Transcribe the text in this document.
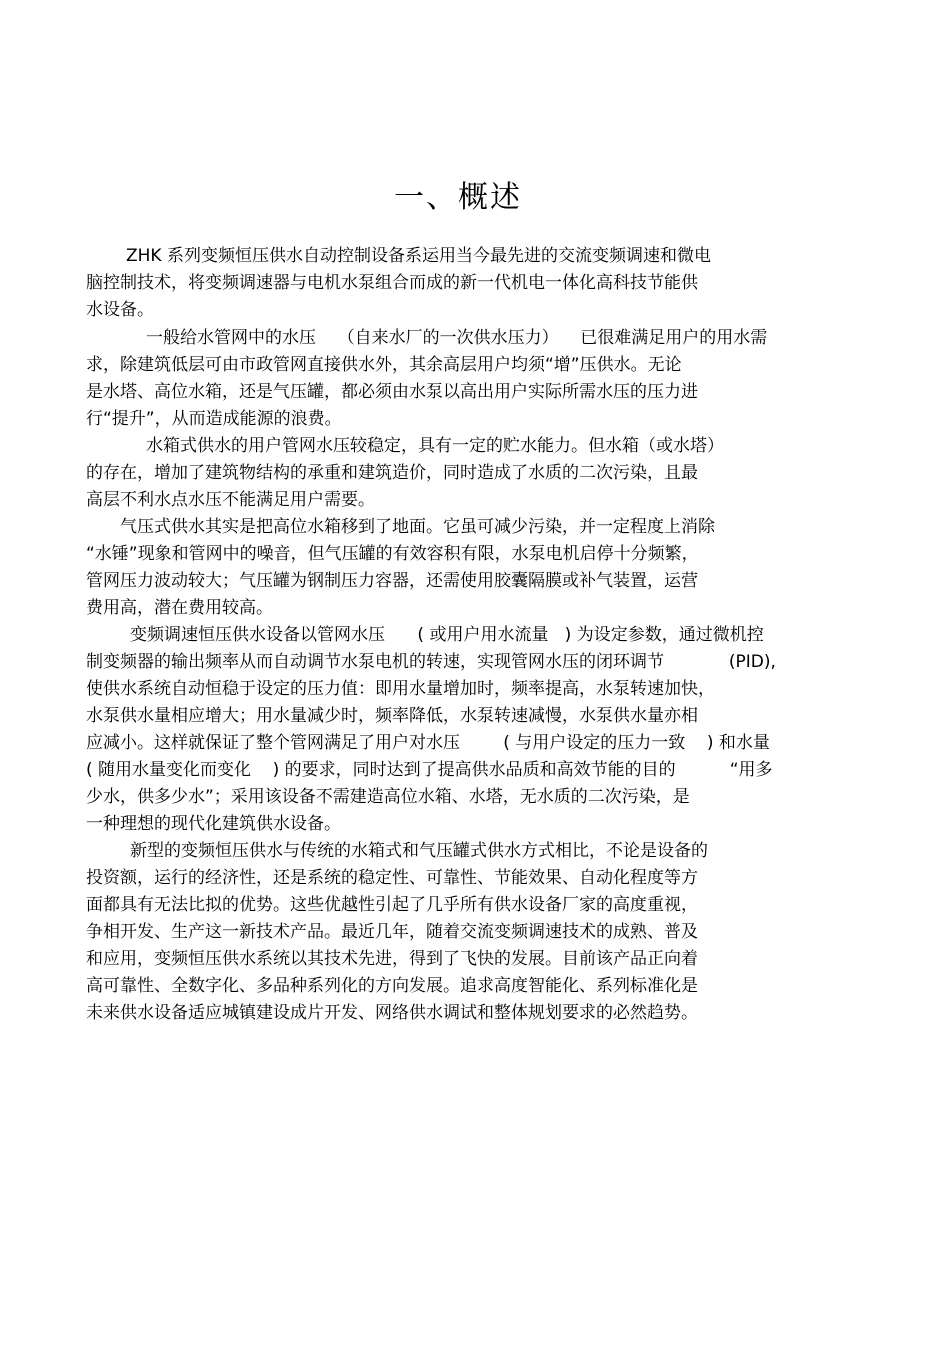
一、概述
ZHK 系列变频恒压供水自动控制设备系运用当今最先进的交流变频调速和微电
脑控制技术，将变频调速器与电机水泵组合而成的新一代机电一体化高科技节能供
水设备。
一般给水管网中的水压    （自来水厂的一次供水压力）    已很难满足用户的用水需
求，除建筑低层可由市政管网直接供水外，其余高层用户均须“增”压供水。无论
是水塔、高位水箱，还是气压罐，都必须由水泵以高出用户实际所需水压的压力进
行“提升”，从而造成能源的浪费。
水箱式供水的用户管网水压较稳定，具有一定的贮水能力。但水箱（或水塔）
的存在，增加了建筑物结构的承重和建筑造价，同时造成了水质的二次污染，且最
高层不利水点水压不能满足用户需要。
气压式供水其实是把高位水箱移到了地面。它虽可减少污染，并一定程度上消除
“水锤”现象和管网中的噪音，但气压罐的有效容积有限，水泵电机启停十分频繁，
管网压力波动较大；气压罐为钢制压力容器，还需使用胶囊隔膜或补气装置，运营
费用高，潜在费用较高。
变频调速恒压供水设备以管网水压      ( 或用户用水流量   ) 为设定参数，通过微机控
制变频器的输出频率从而自动调节水泵电机的转速，实现管网水压的闭环调节            (PID),
使供水系统自动恒稳于设定的压力值：即用水量增加时，频率提高，水泵转速加快，
水泵供水量相应增大；用水量减少时，频率降低，水泵转速减慢，水泵供水量亦相
应减小。这样就保证了整个管网满足了用户对水压        ( 与用户设定的压力一致    ) 和水量
( 随用水量变化而变化    ) 的要求，同时达到了提高供水品质和高效节能的目的          “用多
少水，供多少水”；采用该设备不需建造高位水箱、水塔，无水质的二次污染，是
一种理想的现代化建筑供水设备。
新型的变频恒压供水与传统的水箱式和气压罐式供水方式相比，不论是设备的
投资额，运行的经济性，还是系统的稳定性、可靠性、节能效果、自动化程度等方
面都具有无法比拟的优势。这些优越性引起了几乎所有供水设备厂家的高度重视，
争相开发、生产这一新技术产品。最近几年，随着交流变频调速技术的成熟、普及
和应用，变频恒压供水系统以其技术先进，得到了飞快的发展。目前该产品正向着
高可靠性、全数字化、多品种系列化的方向发展。追求高度智能化、系列标准化是
未来供水设备适应城镇建设成片开发、网络供水调试和整体规划要求的必然趋势。
